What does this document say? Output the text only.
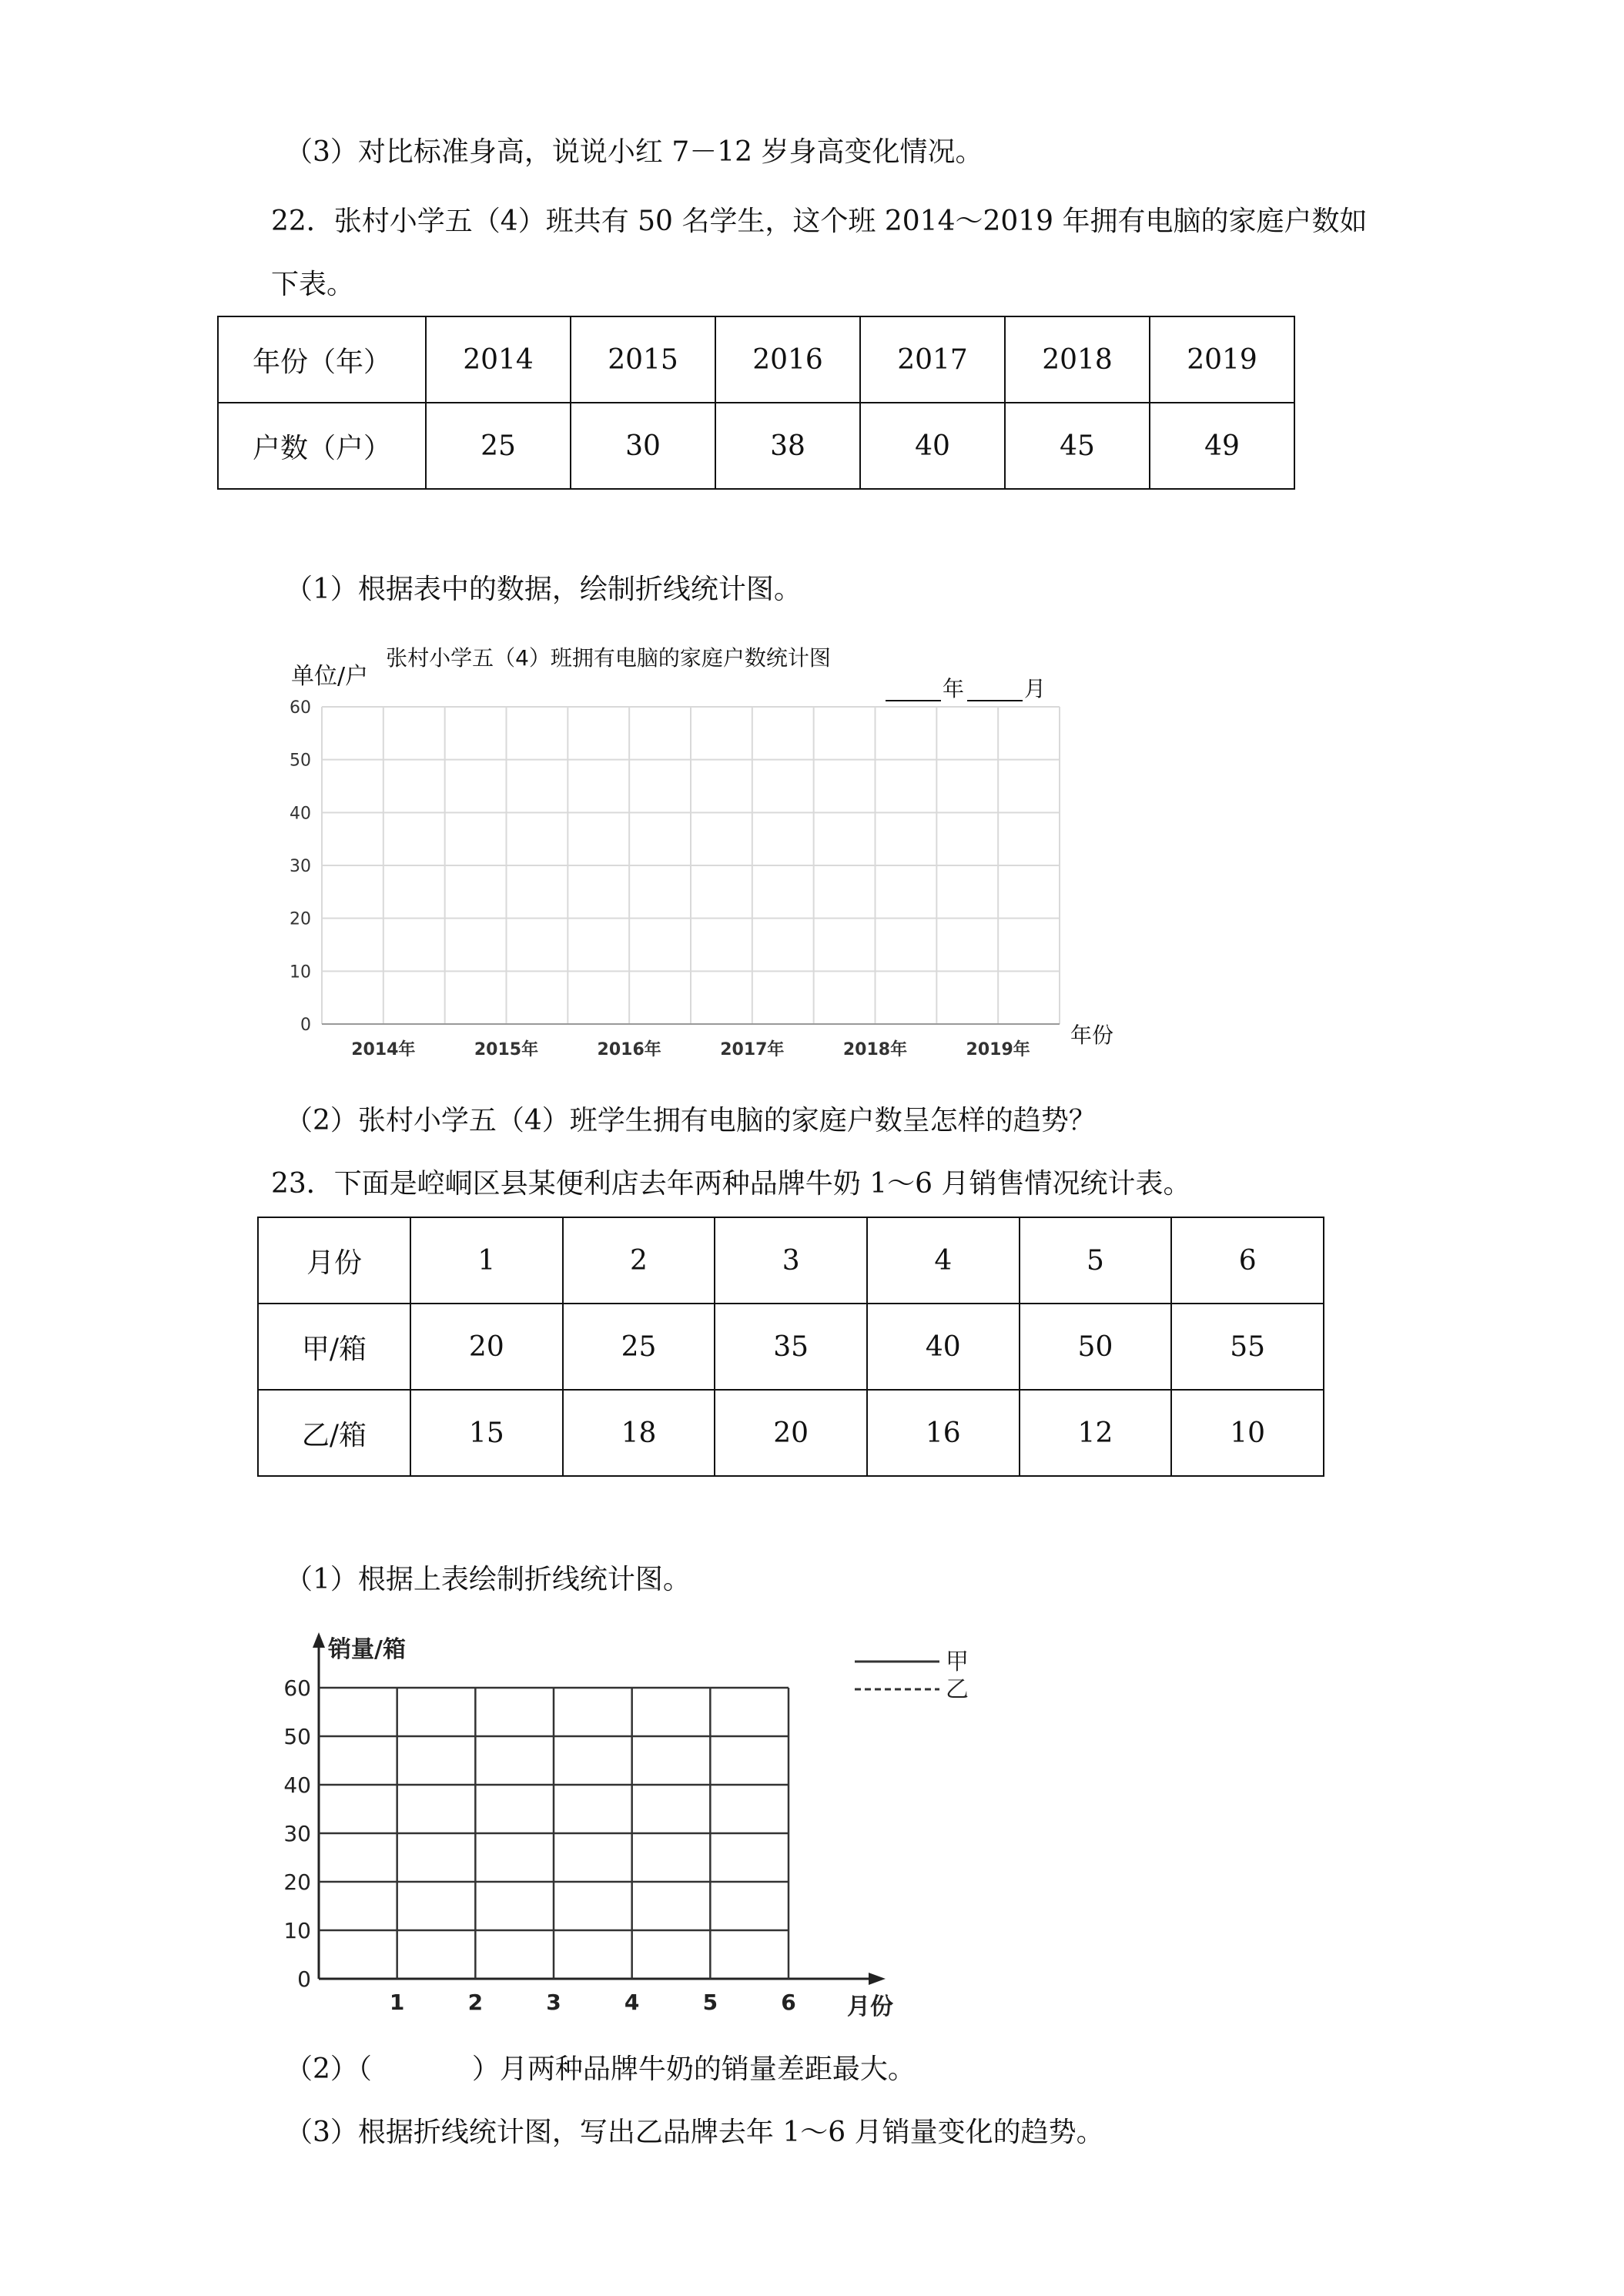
（3）对比标准身高，说说小红 7－12 岁身高变化情况。
22．张村小学五（4）班共有 50 名学生，这个班 2014～2019 年拥有电脑的家庭户数如
下表。
年份（年）	2014	2015	2016	2017	2018	2019
户数（户）	25	30	38	40	45	49
（1）根据表中的数据，绘制折线统计图。
张村小学五（4）班拥有电脑的家庭户数统计图
单位/户	年	月
0
10
20
30
40
50
60
2014年	2015年	2016年	2017年	2018年	2019年
年份
（2）张村小学五（4）班学生拥有电脑的家庭户数呈怎样的趋势？
23．下面是崆峒区县某便利店去年两种品牌牛奶 1～6 月销售情况统计表。
月份	1	2	3	4	5	6
甲/箱	20	25	35	40	50	55
乙/箱	15	18	20	16	12	10
（1）根据上表绘制折线统计图。
销量/箱
月份
0
10
20
30
40
50
60
1	2	3	4	5	6
甲
乙
（2）（	）月两种品牌牛奶的销量差距最大。
（3）根据折线统计图，写出乙品牌去年 1～6 月销量变化的趋势。
